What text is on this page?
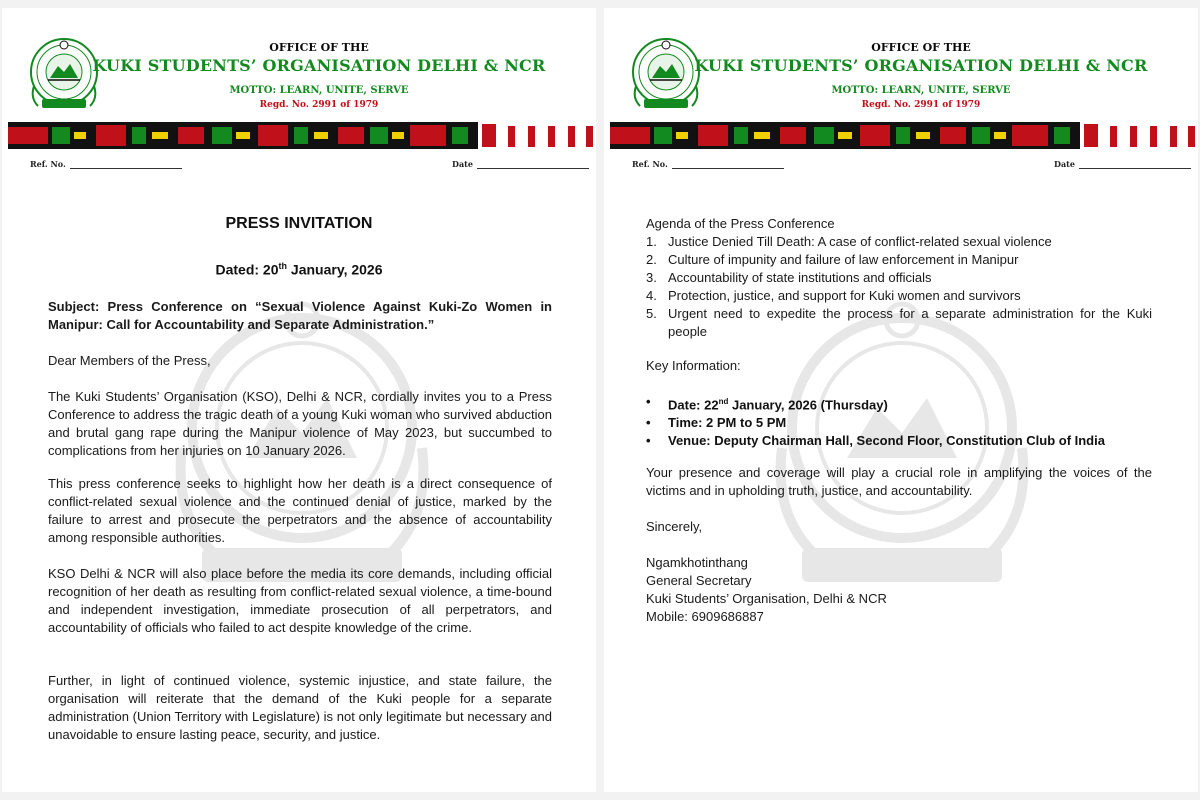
OFFICE OF THE
KUKI STUDENTS’ ORGANISATION DELHI & NCR
MOTTO: LEARN, UNITE, SERVE
Regd. No. 2991 of 1979
Ref. No.	Date
PRESS INVITATION
Dated: 20th January, 2026
Subject: Press Conference on “Sexual Violence Against Kuki-Zo Women in Manipur: Call for Accountability and Separate Administration.”
Dear Members of the Press,
The Kuki Students’ Organisation (KSO), Delhi & NCR, cordially invites you to a Press Conference to address the tragic death of a young Kuki woman who survived abduction and brutal gang rape during the Manipur violence of May 2023, but succumbed to complications from her injuries on 10 January 2026.
This press conference seeks to highlight how her death is a direct consequence of conflict-related sexual violence and the continued denial of justice, marked by the failure to arrest and prosecute the perpetrators and the absence of accountability among responsible authorities.
KSO Delhi & NCR will also place before the media its core demands, including official recognition of her death as resulting from conflict-related sexual violence, a time-bound and independent investigation, immediate prosecution of all perpetrators, and accountability of officials who failed to act despite knowledge of the crime.
Further, in light of continued violence, systemic injustice, and state failure, the organisation will reiterate that the demand of the Kuki people for a separate administration (Union Territory with Legislature) is not only legitimate but necessary and unavoidable to ensure lasting peace, security, and justice.
OFFICE OF THE
KUKI STUDENTS’ ORGANISATION DELHI & NCR
MOTTO: LEARN, UNITE, SERVE
Regd. No. 2991 of 1979
Ref. No.	Date
Agenda of the Press Conference
1. Justice Denied Till Death: A case of conflict-related sexual violence
2. Culture of impunity and failure of law enforcement in Manipur
3. Accountability of state institutions and officials
4. Protection, justice, and support for Kuki women and survivors
5. Urgent need to expedite the process for a separate administration for the Kuki people
Key Information:
•	Date: 22nd January, 2026 (Thursday)
•	Time: 2 PM to 5 PM
•	Venue: Deputy Chairman Hall, Second Floor, Constitution Club of India
Your presence and coverage will play a crucial role in amplifying the voices of the victims and in upholding truth, justice, and accountability.
Sincerely,
Ngamkhotinthang
General Secretary
Kuki Students’ Organisation, Delhi & NCR
Mobile: 6909686887
